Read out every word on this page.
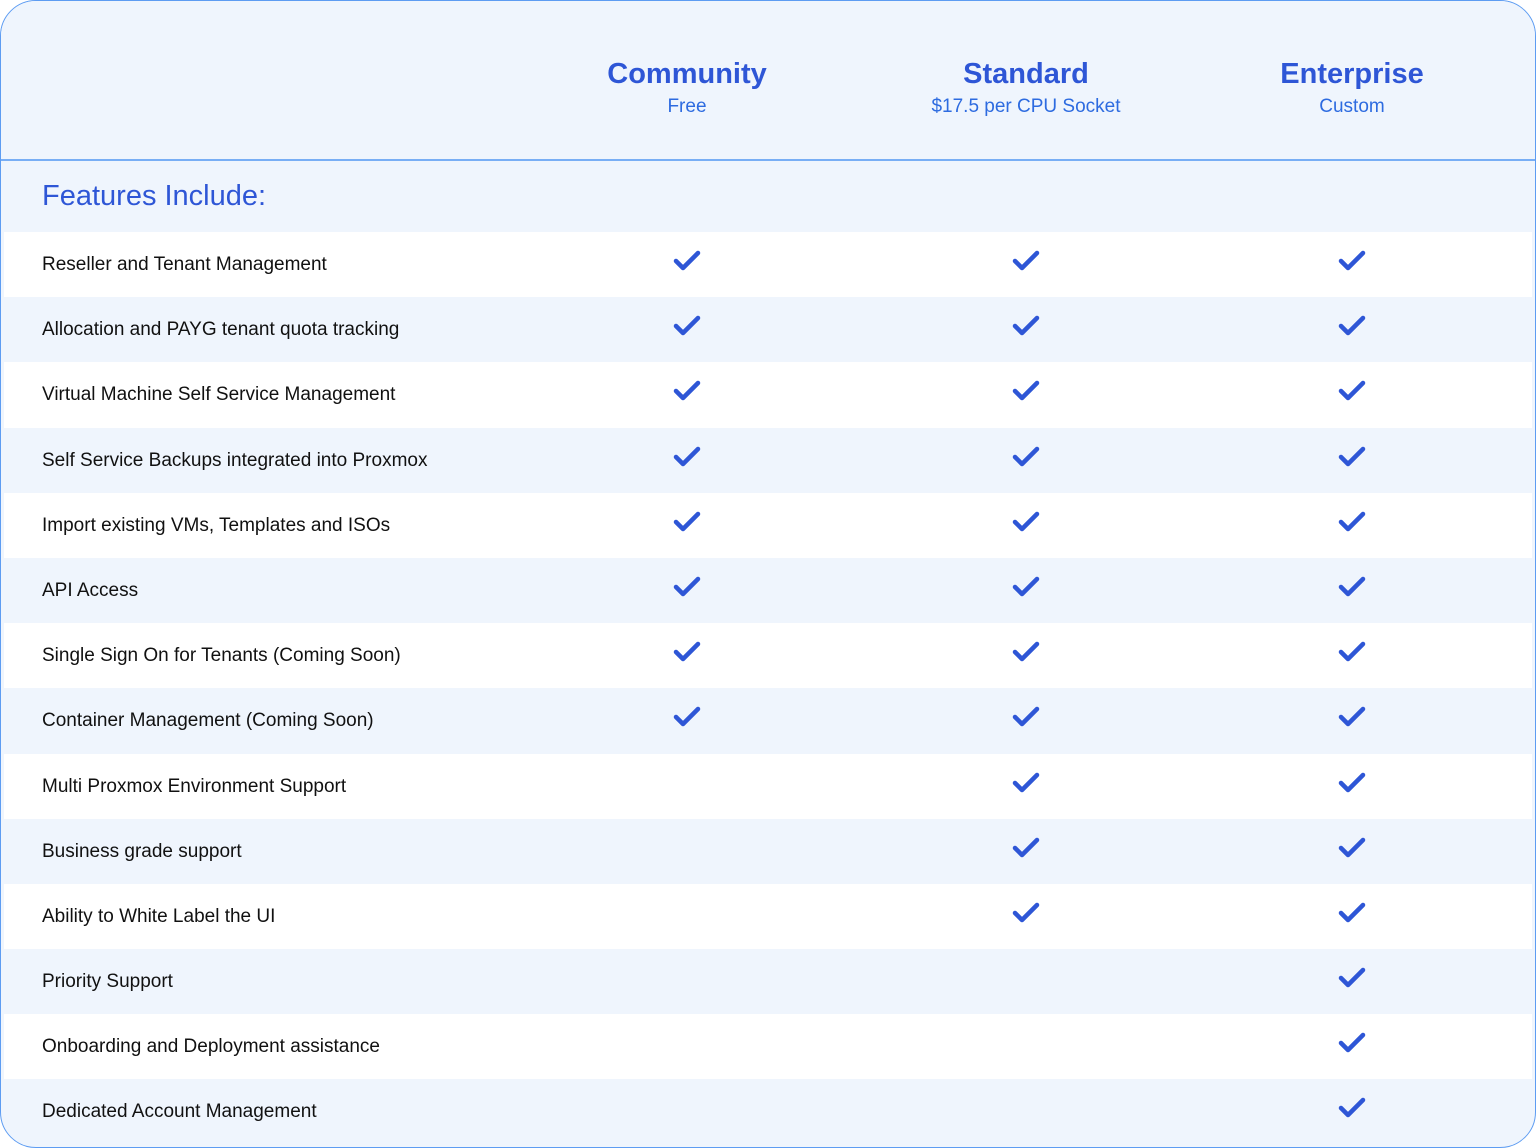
Community
Free
Standard
$17.5 per CPU Socket
Enterprise
Custom
Features Include:
Reseller and Tenant Management
Allocation and PAYG tenant quota tracking
Virtual Machine Self Service Management
Self Service Backups integrated into Proxmox
Import existing VMs, Templates and ISOs
API Access
Single Sign On for Tenants (Coming Soon)
Container Management (Coming Soon)
Multi Proxmox Environment Support
Business grade support
Ability to White Label the UI
Priority Support
Onboarding and Deployment assistance
Dedicated Account Management
